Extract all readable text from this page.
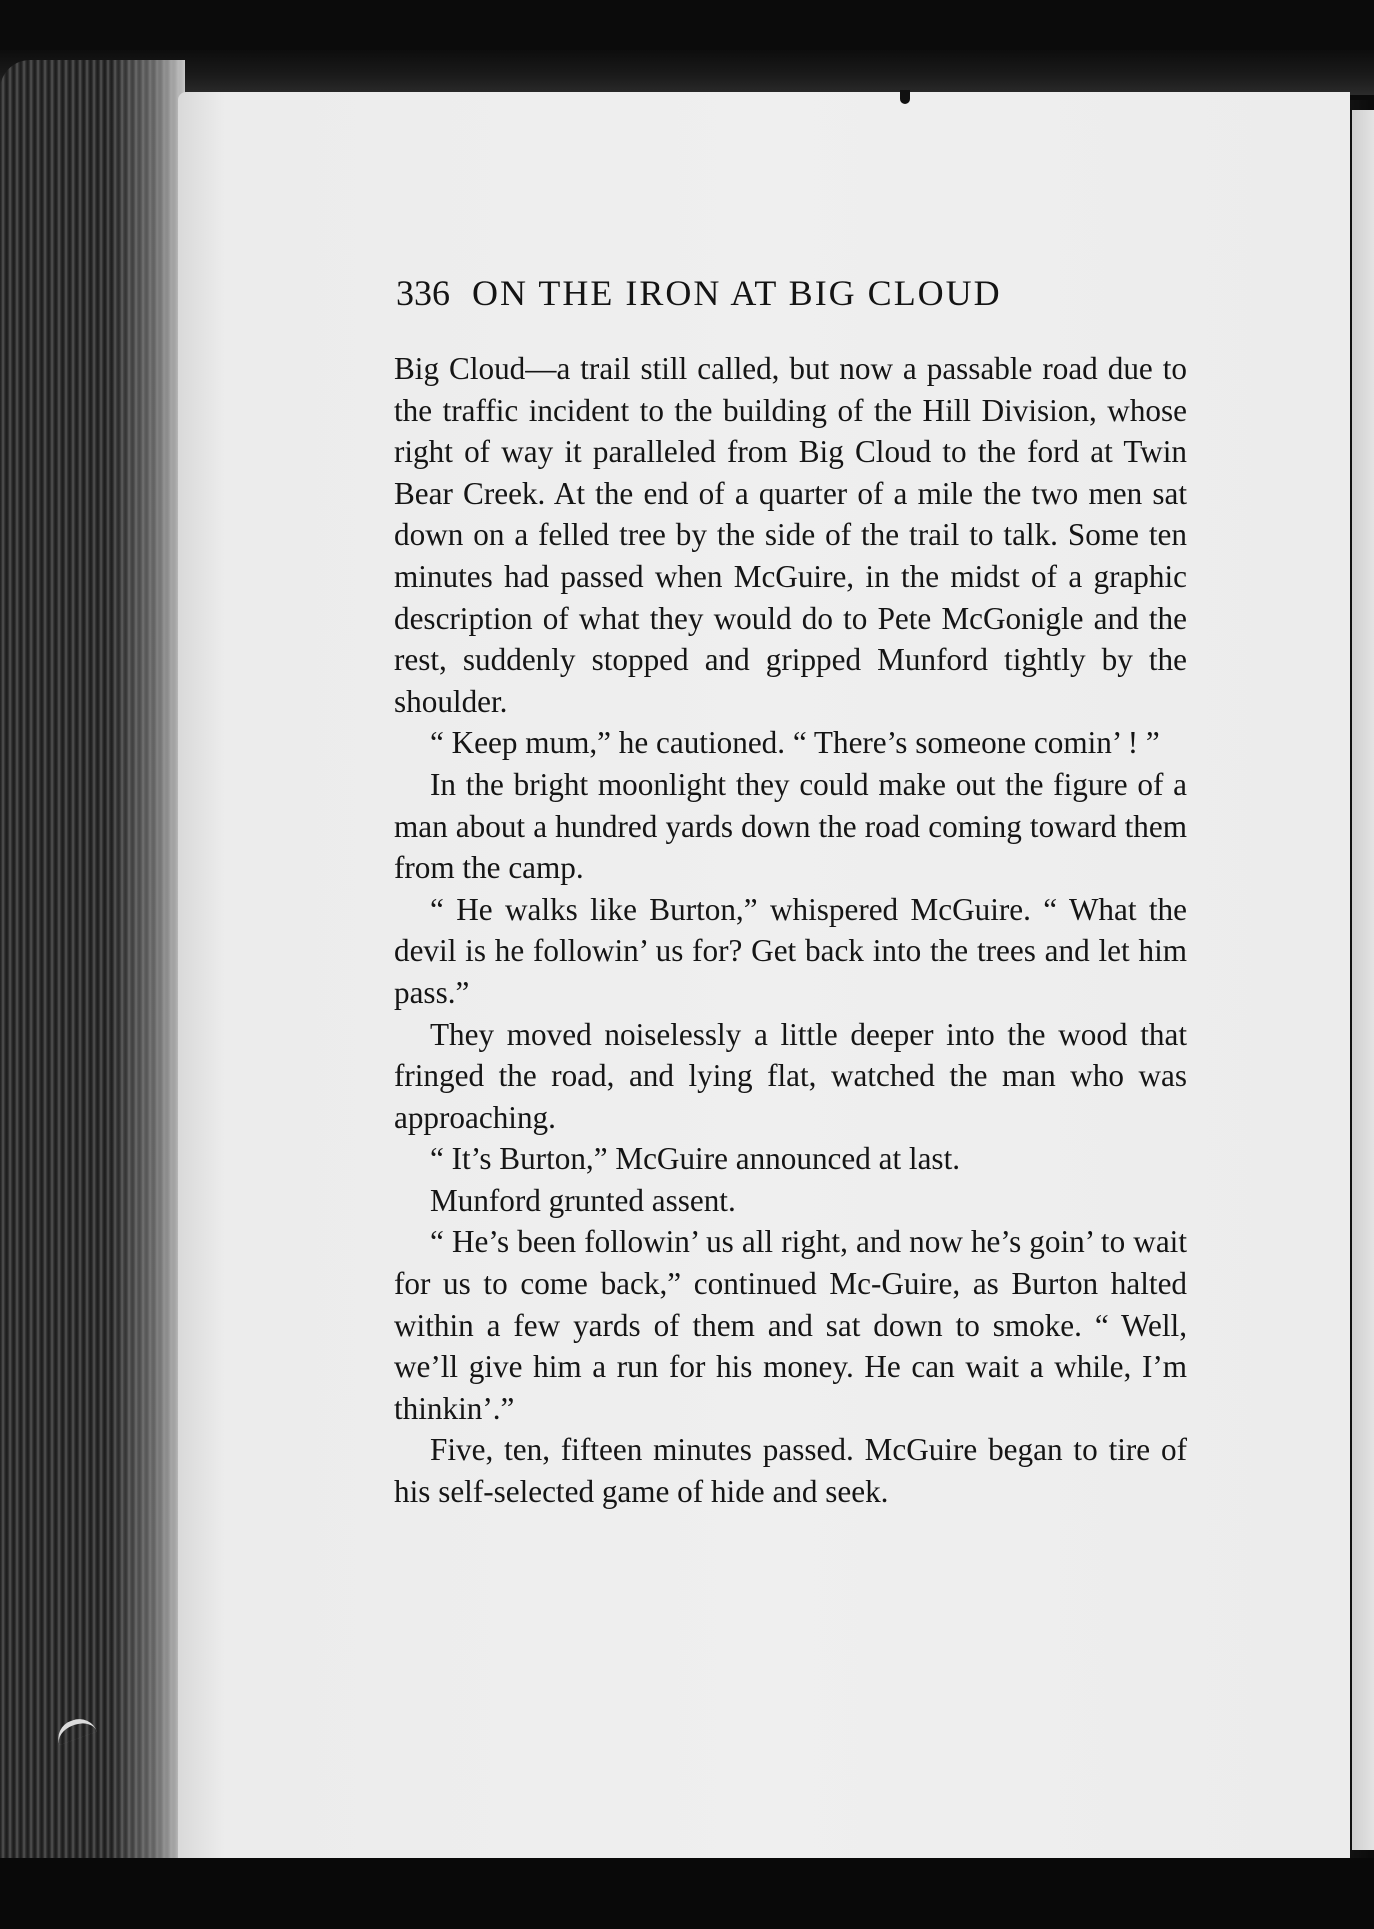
336 ON THE IRON AT BIG CLOUD

Big Cloud—a trail still called, but now a passable road due to the traffic incident to the building of the Hill Division, whose right of way it paralleled from Big Cloud to the ford at Twin Bear Creek. At the end of a quarter of a mile the two men sat down on a felled tree by the side of the trail to talk. Some ten minutes had passed when McGuire, in the midst of a graphic description of what they would do to Pete McGonigle and the rest, suddenly stopped and gripped Munford tightly by the shoulder.

“ Keep mum,” he cautioned. “ There’s someone comin’ ! ”

In the bright moonlight they could make out the figure of a man about a hundred yards down the road coming toward them from the camp.

“ He walks like Burton,” whispered McGuire. “ What the devil is he followin’ us for? Get back into the trees and let him pass.”

They moved noiselessly a little deeper into the wood that fringed the road, and lying flat, watched the man who was approaching.

“ It’s Burton,” McGuire announced at last.

Munford grunted assent.

“ He’s been followin’ us all right, and now he’s goin’ to wait for us to come back,” continued Mc-Guire, as Burton halted within a few yards of them and sat down to smoke. “ Well, we’ll give him a run for his money. He can wait a while, I’m thinkin’.”

Five, ten, fifteen minutes passed. McGuire began to tire of his self-selected game of hide and seek.
